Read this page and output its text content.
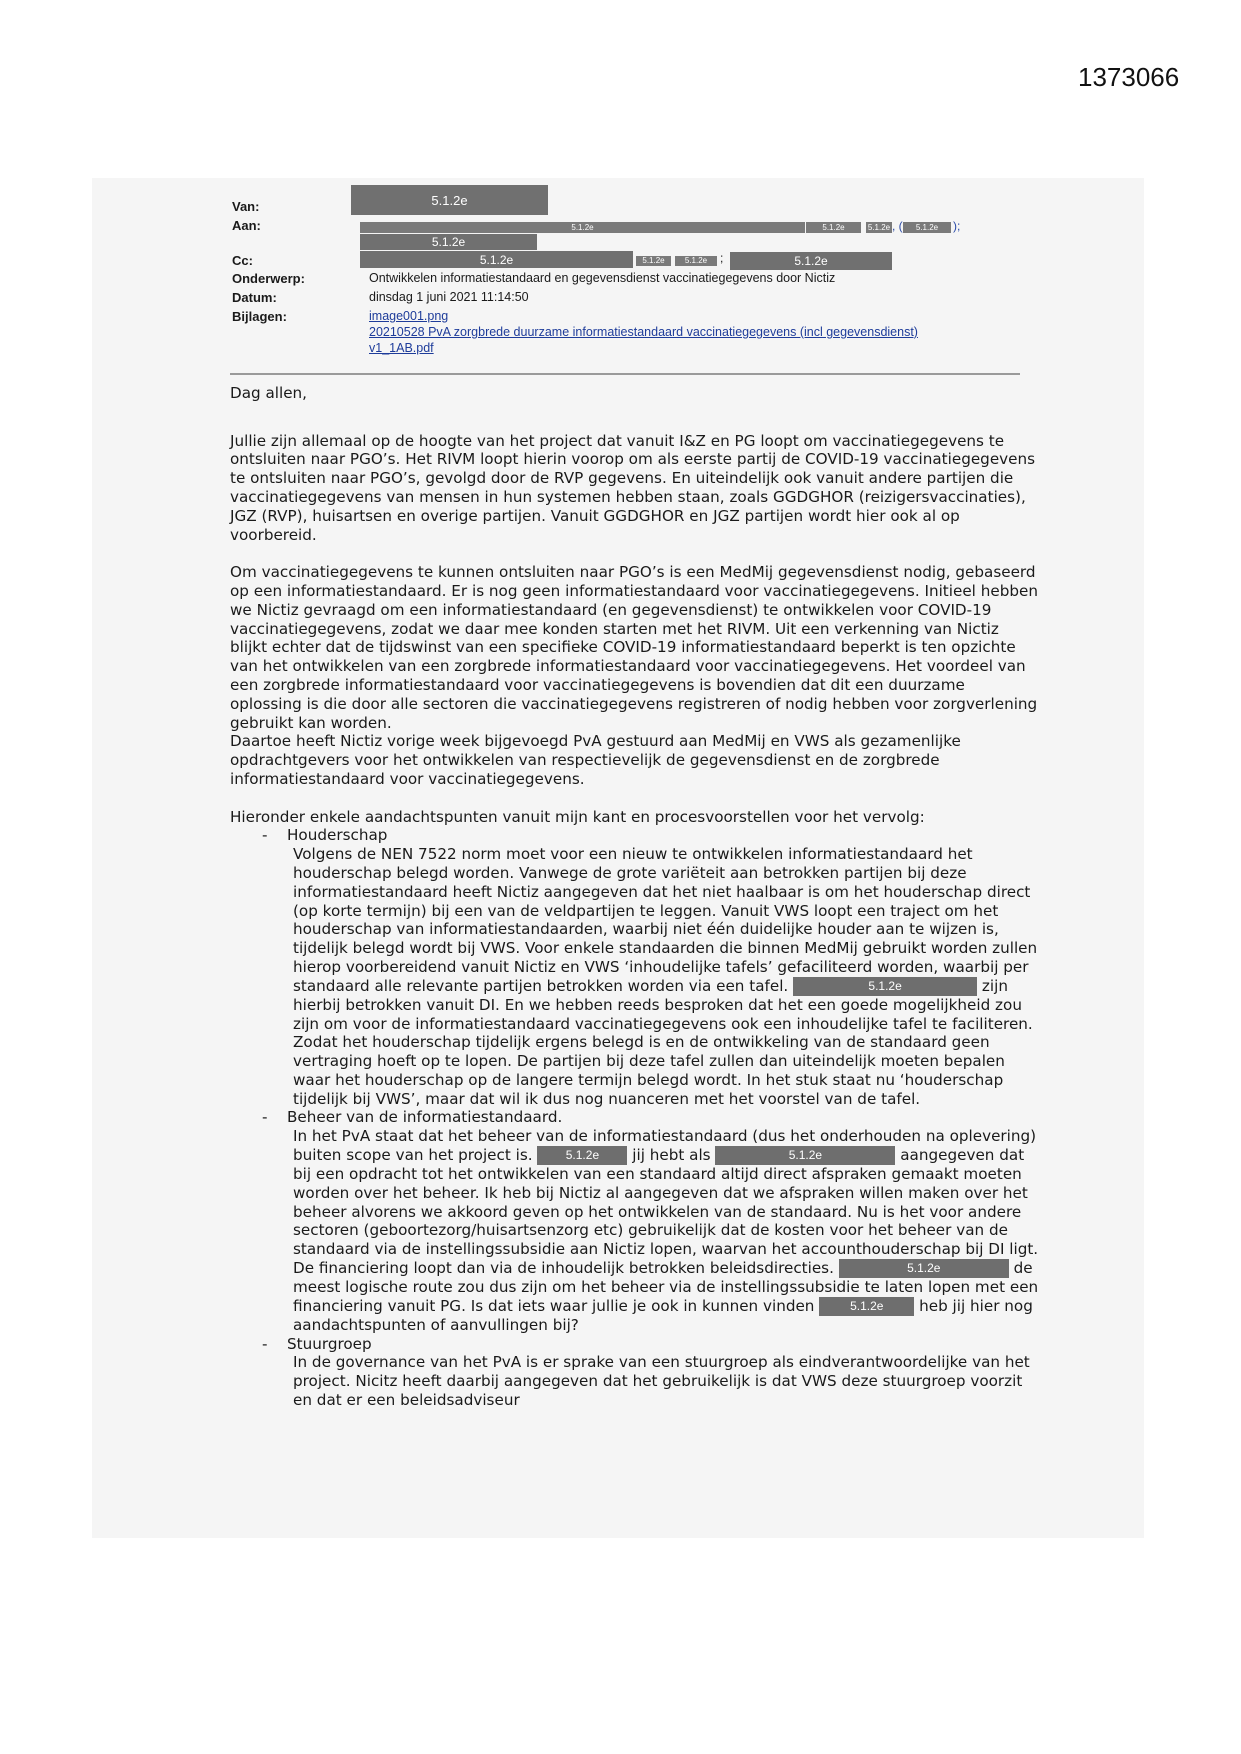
1373066
Van:	5.1.2e
Aan:	5.1.2e	5.1.2e	5.1.2e , (	5.1.2e	);
5.1.2e
Cc:	5.1.2e	5.1.2e	5.1.2e	;	5.1.2e
Onderwerp:	Ontwikkelen informatiestandaard en gegevensdienst vaccinatiegegevens door Nictiz
Datum:	dinsdag 1 juni 2021 11:14:50
Bijlagen:	image001.png
20210528 PvA zorgbrede duurzame informatiestandaard vaccinatiegegevens (incl gegevensdienst)
v1_1AB.pdf

Dag allen,

Jullie zijn allemaal op de hoogte van het project dat vanuit I&Z en PG loopt om vaccinatiegegevens te ontsluiten naar PGO’s. Het RIVM loopt hierin voorop om als eerste partij de COVID-19 vaccinatiegegevens te ontsluiten naar PGO’s, gevolgd door de RVP gegevens. En uiteindelijk ook vanuit andere partijen die vaccinatiegegevens van mensen in hun systemen hebben staan, zoals GGDGHOR (reizigersvaccinaties), JGZ (RVP), huisartsen en overige partijen. Vanuit GGDGHOR en JGZ partijen wordt hier ook al op voorbereid.

Om vaccinatiegegevens te kunnen ontsluiten naar PGO’s is een MedMij gegevensdienst nodig, gebaseerd op een informatiestandaard. Er is nog geen informatiestandaard voor vaccinatiegegevens. Initieel hebben we Nictiz gevraagd om een informatiestandaard (en gegevensdienst) te ontwikkelen voor COVID-19 vaccinatiegegevens, zodat we daar mee konden starten met het RIVM. Uit een verkenning van Nictiz blijkt echter dat de tijdswinst van een specifieke COVID-19 informatiestandaard beperkt is ten opzichte van het ontwikkelen van een zorgbrede informatiestandaard voor vaccinatiegegevens. Het voordeel van een zorgbrede informatiestandaard voor vaccinatiegegevens is bovendien dat dit een duurzame oplossing is die door alle sectoren die vaccinatiegegevens registreren of nodig hebben voor zorgverlening gebruikt kan worden.

Daartoe heeft Nictiz vorige week bijgevoegd PvA gestuurd aan MedMij en VWS als gezamenlijke opdrachtgevers voor het ontwikkelen van respectievelijk de gegevensdienst en de zorgbrede informatiestandaard voor vaccinatiegegevens.

Hieronder enkele aandachtspunten vanuit mijn kant en procesvoorstellen voor het vervolg:

- Houderschap
Volgens de NEN 7522 norm moet voor een nieuw te ontwikkelen informatiestandaard het houderschap belegd worden. Vanwege de grote variëteit aan betrokken partijen bij deze informatiestandaard heeft Nictiz aangegeven dat het niet haalbaar is om het houderschap direct (op korte termijn) bij een van de veldpartijen te leggen. Vanuit VWS loopt een traject om het houderschap van informatiestandaarden, waarbij niet één duidelijke houder aan te wijzen is, tijdelijk belegd wordt bij VWS. Voor enkele standaarden die binnen MedMij gebruikt worden zullen hierop voorbereidend vanuit Nictiz en VWS ‘inhoudelijke tafels’ gefaciliteerd worden, waarbij per standaard alle relevante partijen betrokken worden via een tafel.	5.1.2e	zijn hierbij betrokken vanuit DI. En we hebben reeds besproken dat het een goede mogelijkheid zou zijn om voor de informatiestandaard vaccinatiegegevens ook een inhoudelijke tafel te faciliteren. Zodat het houderschap tijdelijk ergens belegd is en de ontwikkeling van de standaard geen vertraging hoeft op te lopen. De partijen bij deze tafel zullen dan uiteindelijk moeten bepalen waar het houderschap op de langere termijn belegd wordt. In het stuk staat nu ‘houderschap tijdelijk bij VWS’, maar dat wil ik dus nog nuanceren met het voorstel van de tafel.
- Beheer van de informatiestandaard.
In het PvA staat dat het beheer van de informatiestandaard (dus het onderhouden na oplevering) buiten scope van het project is.	5.1.2e jij hebt als	5.1.2e	aangegeven dat bij een opdracht tot het ontwikkelen van een standaard altijd direct afspraken gemaakt moeten worden over het beheer. Ik heb bij Nictiz al aangegeven dat we afspraken willen maken over het beheer alvorens we akkoord geven op het ontwikkelen van de standaard. Nu is het voor andere sectoren (geboortezorg/huisartsenzorg etc) gebruikelijk dat de kosten voor het beheer van de standaard via de instellingssubsidie aan Nictiz lopen, waarvan het accounthouderschap bij DI ligt. De financiering loopt dan via de inhoudelijk betrokken beleidsdirecties.	5.1.2e	de meest logische route zou dus zijn om het beheer via de instellingssubsidie te laten lopen met een financiering vanuit PG. Is dat iets waar jullie je ook in kunnen vinden	5.1.2e heb jij hier nog aandachtspunten of aanvullingen bij?
- Stuurgroep
In de governance van het PvA is er sprake van een stuurgroep als eindverantwoordelijke van het project. Nicitz heeft daarbij aangegeven dat het gebruikelijk is dat VWS deze stuurgroep voorzit en dat er een beleidsadviseur
